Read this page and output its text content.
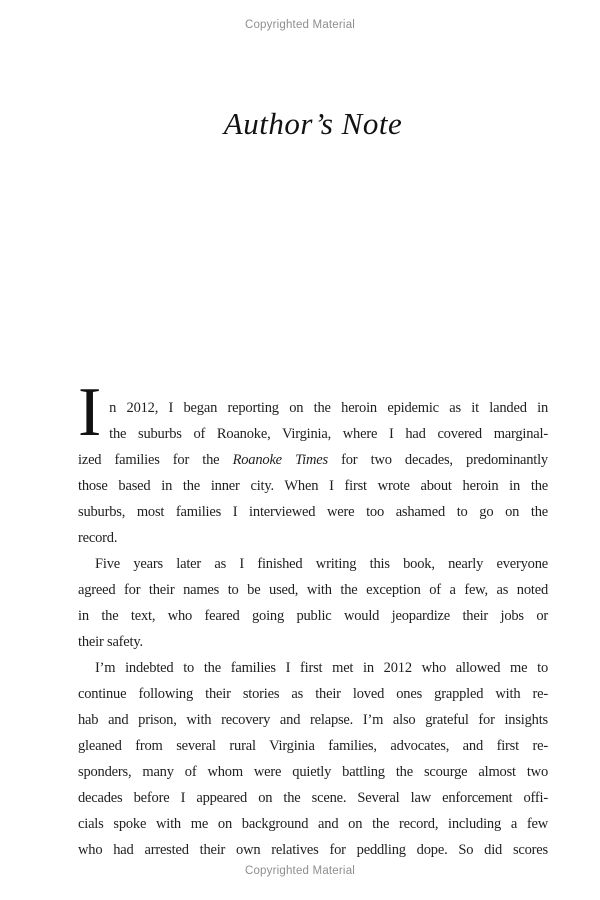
Copyrighted Material
Author’s Note
I n 2012, I began reporting on the heroin epidemic as it landed in
the suburbs of Roanoke, Virginia, where I had covered marginal-
ized families for the Roanoke Times for two decades, predominantly
those based in the inner city. When I first wrote about heroin in the
suburbs, most families I interviewed were too ashamed to go on the
record.
Five years later as I finished writing this book, nearly everyone
agreed for their names to be used, with the exception of a few, as noted
in the text, who feared going public would jeopardize their jobs or
their safety.
I’m indebted to the families I first met in 2012 who allowed me to
continue following their stories as their loved ones grappled with re-
hab and prison, with recovery and relapse. I’m also grateful for insights
gleaned from several rural Virginia families, advocates, and first re-
sponders, many of whom were quietly battling the scourge almost two
decades before I appeared on the scene. Several law enforcement offi-
cials spoke with me on background and on the record, including a few
who had arrested their own relatives for peddling dope. So did scores
Copyrighted Material
